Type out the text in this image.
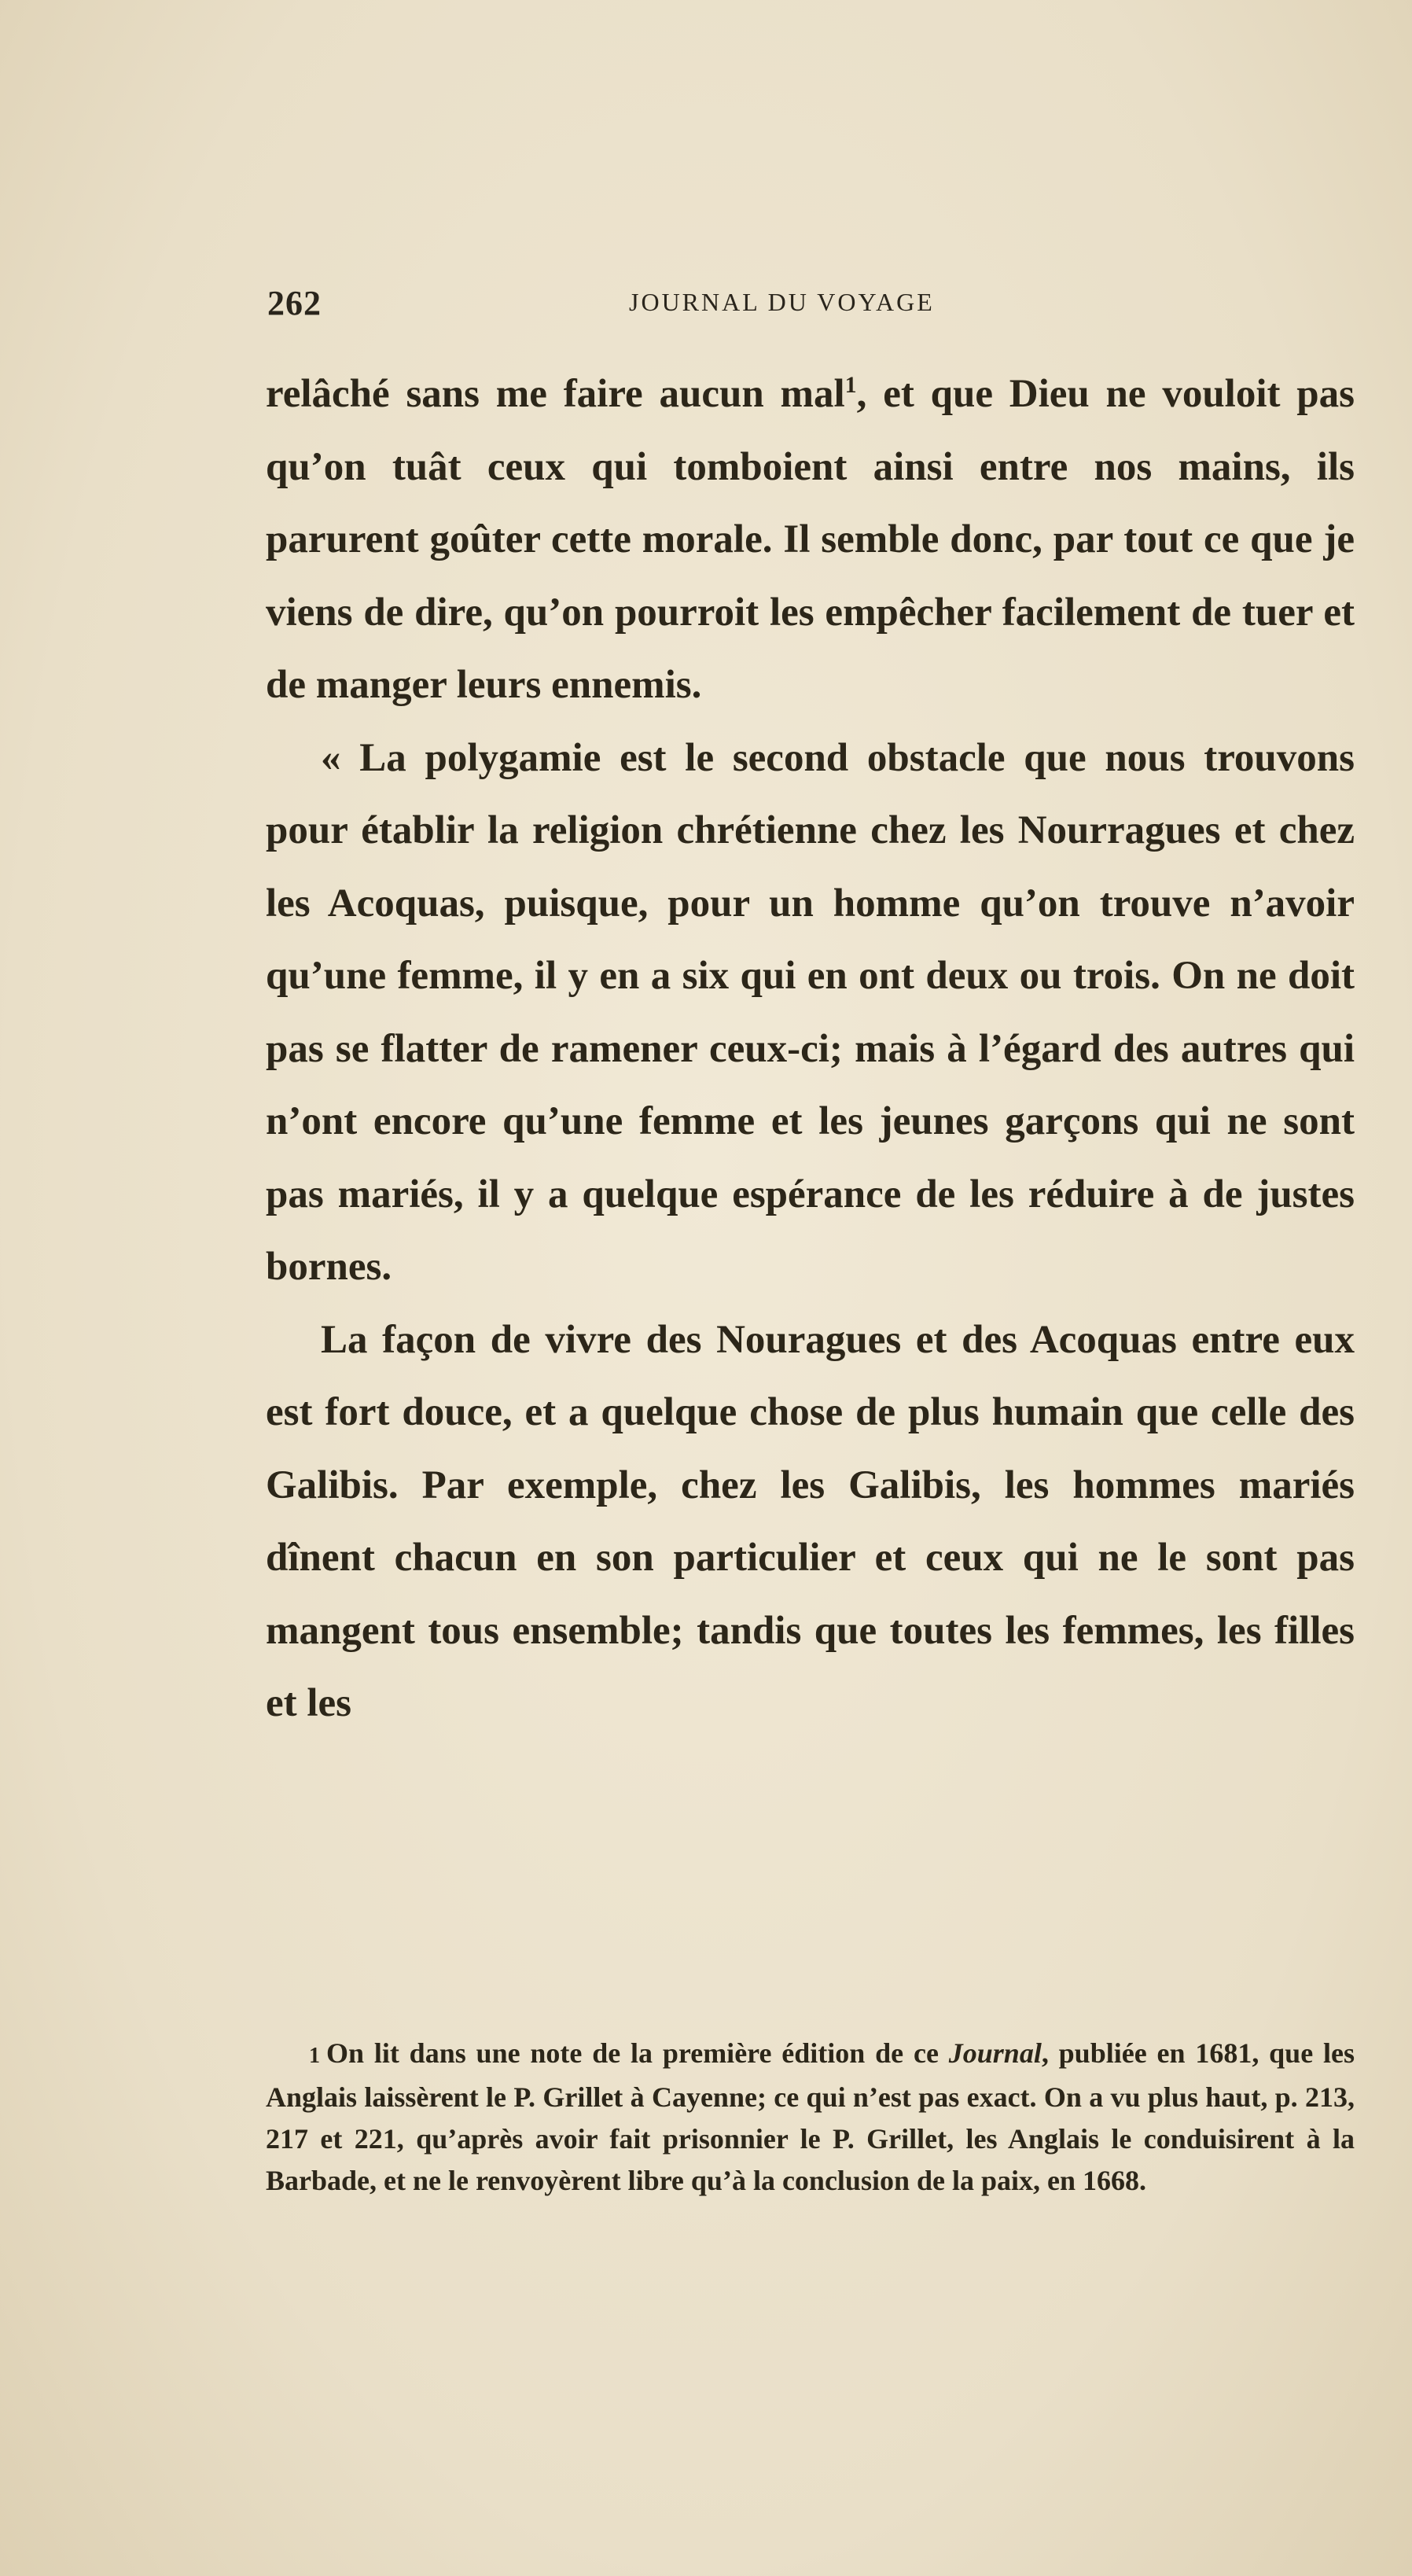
262	JOURNAL DU VOYAGE

relâché sans me faire aucun mal$^1$, et que Dieu ne vouloit pas qu’on tuât ceux qui tomboient ainsi entre nos mains, ils parurent goûter cette morale. Il semble donc, par tout ce que je viens de dire, qu’on pourroit les empêcher facilement de tuer et de manger leurs ennemis.

« La polygamie est le second obstacle que nous trouvons pour établir la religion chrétienne chez les Nourragues et chez les Acoquas, puisque, pour un homme qu’on trouve n’avoir qu’une femme, il y en a six qui en ont deux ou trois. On ne doit pas se flatter de ramener ceux-ci; mais à l’égard des autres qui n’ont encore qu’une femme et les jeunes garçons qui ne sont pas mariés, il y a quelque espérance de les réduire à de justes bornes.

La façon de vivre des Nouragues et des Acoquas entre eux est fort douce, et a quelque chose de plus humain que celle des Galibis. Par exemple, chez les Galibis, les hommes mariés dînent chacun en son particulier et ceux qui ne le sont pas mangent tous ensemble; tandis que toutes les femmes, les filles et les

1 On lit dans une note de la première édition de ce Journal, publiée en 1681, que les Anglais laissèrent le P. Grillet à Cayenne; ce qui n’est pas exact. On a vu plus haut, p. 213, 217 et 221, qu’après avoir fait prisonnier le P. Grillet, les Anglais le conduisirent à la Barbade, et ne le renvoyèrent libre qu’à la conclusion de la paix, en 1668.
